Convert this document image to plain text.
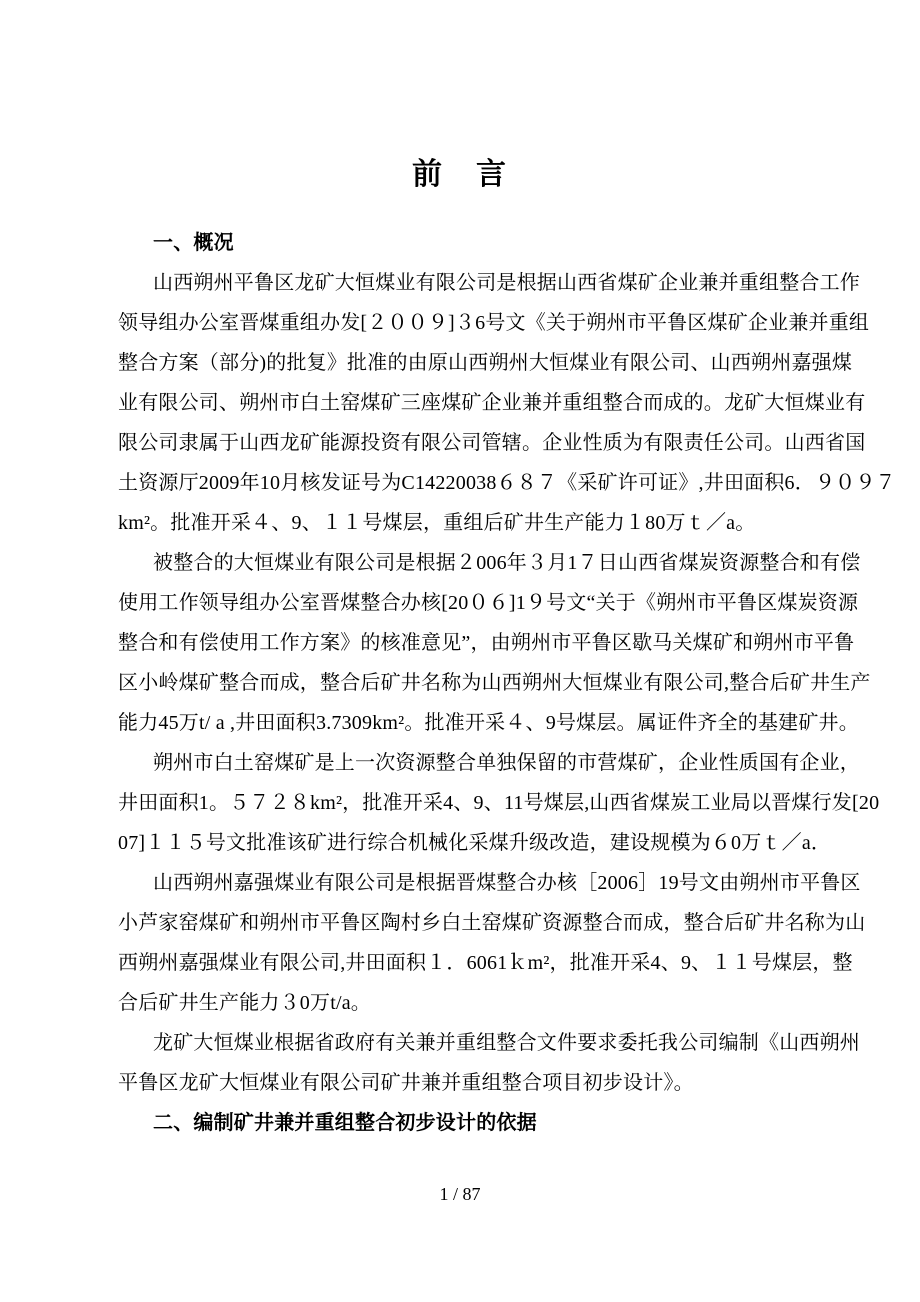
前　言
一、概况
山西朔州平鲁区龙矿大恒煤业有限公司是根据山西省煤矿企业兼并重组整合工作
领导组办公室晋煤重组办发[２００９]３6号文《关于朔州市平鲁区煤矿企业兼并重组
整合方案（部分)的批复》批准的由原山西朔州大恒煤业有限公司、山西朔州嘉强煤
业有限公司、朔州市白土窑煤矿三座煤矿企业兼并重组整合而成的。龙矿大恒煤业有
限公司隶属于山西龙矿能源投资有限公司管辖。企业性质为有限责任公司。山西省国
土资源厅2009年10月核发证号为C14220038６８７《采矿许可证》,井田面积6．９０９７
km²。批准开采４、9、１１号煤层，重组后矿井生产能力１80万ｔ／a。
被整合的大恒煤业有限公司是根据２006年３月1７日山西省煤炭资源整合和有偿
使用工作领导组办公室晋煤整合办核[20０６]1９号文“关于《朔州市平鲁区煤炭资源
整合和有偿使用工作方案》的核准意见”，由朔州市平鲁区歇马关煤矿和朔州市平鲁
区小岭煤矿整合而成，整合后矿井名称为山西朔州大恒煤业有限公司,整合后矿井生产
能力45万t/ a ,井田面积3.7309km²。批准开采４、9号煤层。属证件齐全的基建矿井。
朔州市白土窑煤矿是上一次资源整合单独保留的市营煤矿，企业性质国有企业，
井田面积1。５７２８km²，批准开采4、9、11号煤层,山西省煤炭工业局以晋煤行发[20
07]１１５号文批准该矿进行综合机械化采煤升级改造，建设规模为６0万ｔ／a．
山西朔州嘉强煤业有限公司是根据晋煤整合办核［2006］19号文由朔州市平鲁区
小芦家窑煤矿和朔州市平鲁区陶村乡白土窑煤矿资源整合而成，整合后矿井名称为山
西朔州嘉强煤业有限公司,井田面积１．6061ｋm²，批准开采4、9、１１号煤层，整
合后矿井生产能力３0万t/a。
龙矿大恒煤业根据省政府有关兼并重组整合文件要求委托我公司编制《山西朔州
平鲁区龙矿大恒煤业有限公司矿井兼并重组整合项目初步设计》。
二、编制矿井兼并重组整合初步设计的依据
1 / 87
